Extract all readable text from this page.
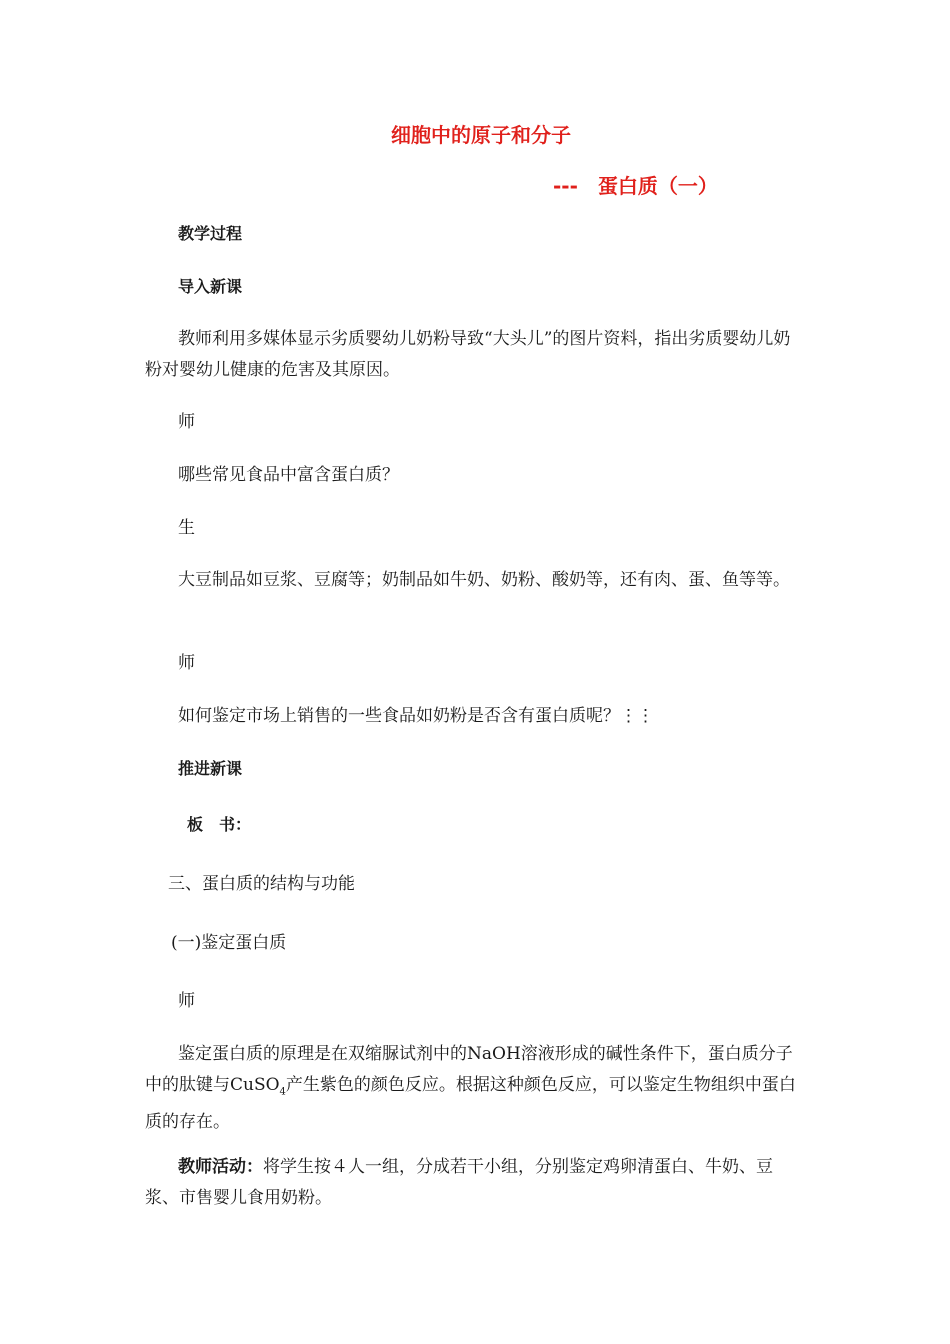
细胞中的原子和分子
---　蛋白质（一）
教学过程
导入新课

教师利用多媒体显示劣质婴幼儿奶粉导致“大头儿”的图片资料，指出劣质婴幼儿奶粉对婴幼儿健康的危害及其原因。

师
哪些常见食品中富含蛋白质？
生

大豆制品如豆浆、豆腐等；奶制品如牛奶、奶粉、酸奶等，还有肉、蛋、鱼等等。

师
如何鉴定市场上销售的一些食品如奶粉是否含有蛋白质呢？⋮⋮
推进新课
板　书：
三、蛋白质的结构与功能
(一)鉴定蛋白质
师

鉴定蛋白质的原理是在双缩脲试剂中的NaOH溶液形成的碱性条件下，蛋白质分子中的肽键与CuSO$_4$产生紫色的颜色反应。根据这种颜色反应，可以鉴定生物组织中蛋白质的存在。

教师活动：将学生按４人一组，分成若干小组，分别鉴定鸡卵清蛋白、牛奶、豆浆、市售婴儿食用奶粉。
